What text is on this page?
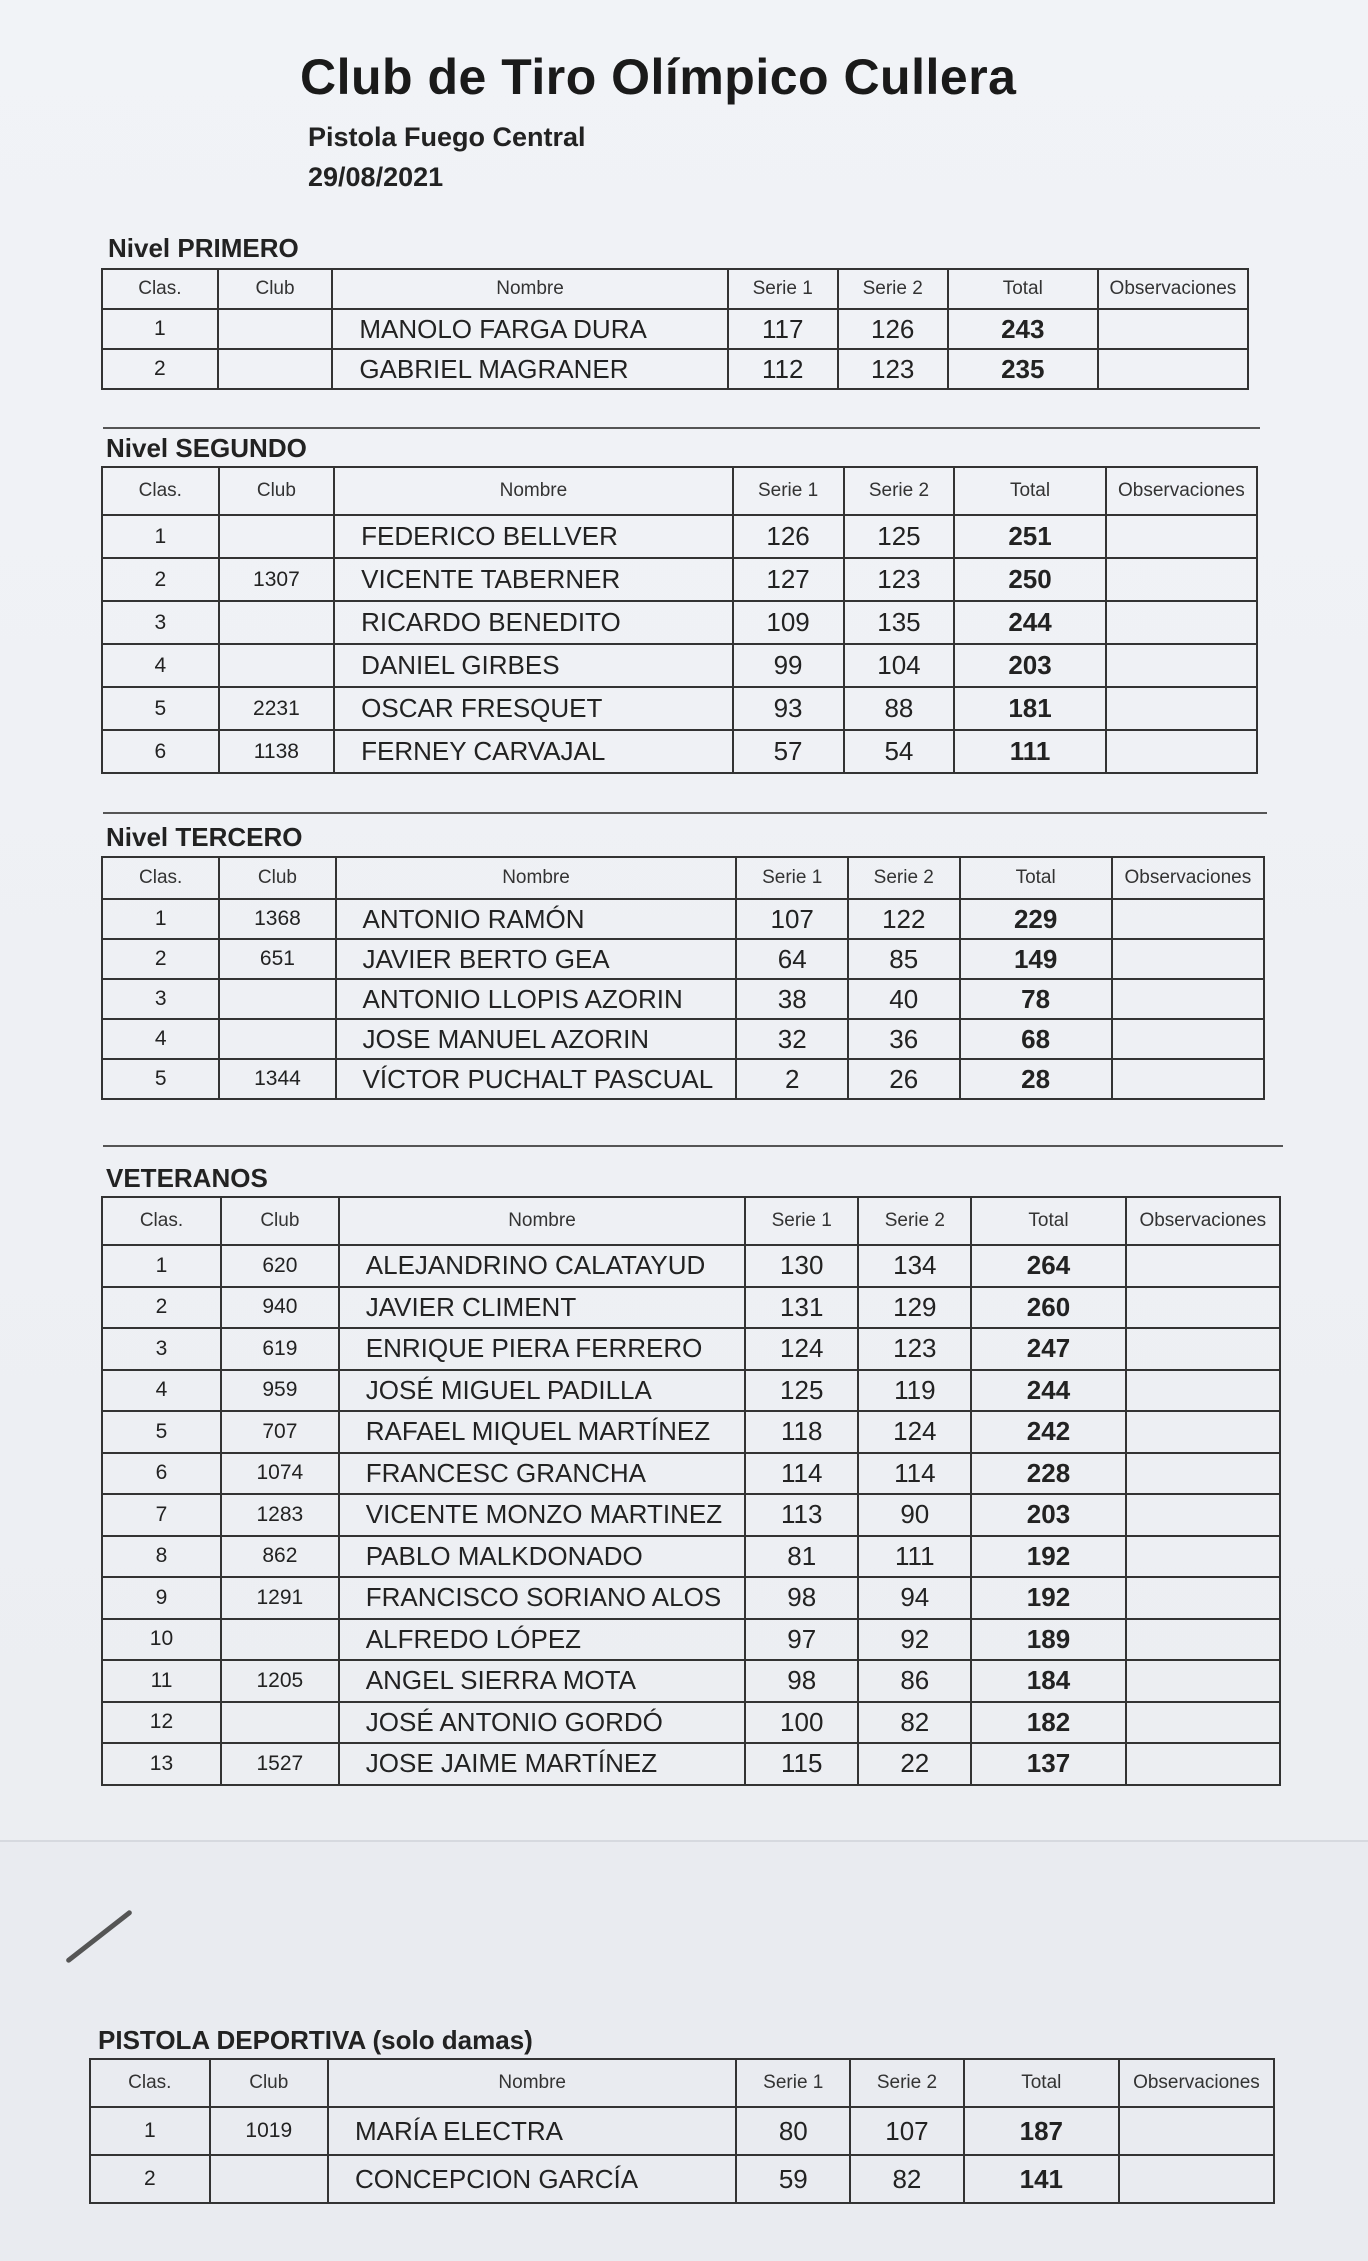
Club de Tiro Olímpico Cullera
Pistola Fuego Central
29/08/2021
Nivel PRIMERO
Clas.	Club	Nombre	Serie 1	Serie 2	Total	Observaciones
1		MANOLO FARGA DURA	117	126	243	
2		GABRIEL MAGRANER	112	123	235	
Nivel SEGUNDO
Clas.	Club	Nombre	Serie 1	Serie 2	Total	Observaciones
1		FEDERICO BELLVER	126	125	251	
2	1307	VICENTE TABERNER	127	123	250	
3		RICARDO BENEDITO	109	135	244	
4		DANIEL GIRBES	99	104	203	
5	2231	OSCAR FRESQUET	93	88	181	
6	1138	FERNEY CARVAJAL	57	54	111	
Nivel TERCERO
Clas.	Club	Nombre	Serie 1	Serie 2	Total	Observaciones
1	1368	ANTONIO RAMÓN	107	122	229	
2	651	JAVIER BERTO GEA	64	85	149	
3		ANTONIO LLOPIS AZORIN	38	40	78	
4		JOSE MANUEL AZORIN	32	36	68	
5	1344	VÍCTOR PUCHALT PASCUAL	2	26	28	
VETERANOS
Clas.	Club	Nombre	Serie 1	Serie 2	Total	Observaciones
1	620	ALEJANDRINO CALATAYUD	130	134	264	
2	940	JAVIER CLIMENT	131	129	260	
3	619	ENRIQUE PIERA FERRERO	124	123	247	
4	959	JOSÉ MIGUEL PADILLA	125	119	244	
5	707	RAFAEL MIQUEL MARTÍNEZ	118	124	242	
6	1074	FRANCESC GRANCHA	114	114	228	
7	1283	VICENTE MONZO MARTINEZ	113	90	203	
8	862	PABLO MALKDONADO	81	111	192	
9	1291	FRANCISCO SORIANO ALOS	98	94	192	
10		ALFREDO LÓPEZ	97	92	189	
11	1205	ANGEL SIERRA MOTA	98	86	184	
12		JOSÉ ANTONIO GORDÓ	100	82	182	
13	1527	JOSE JAIME MARTÍNEZ	115	22	137	
PISTOLA DEPORTIVA (solo damas)
Clas.	Club	Nombre	Serie 1	Serie 2	Total	Observaciones
1	1019	MARÍA ELECTRA	80	107	187	
2		CONCEPCION GARCÍA	59	82	141	
